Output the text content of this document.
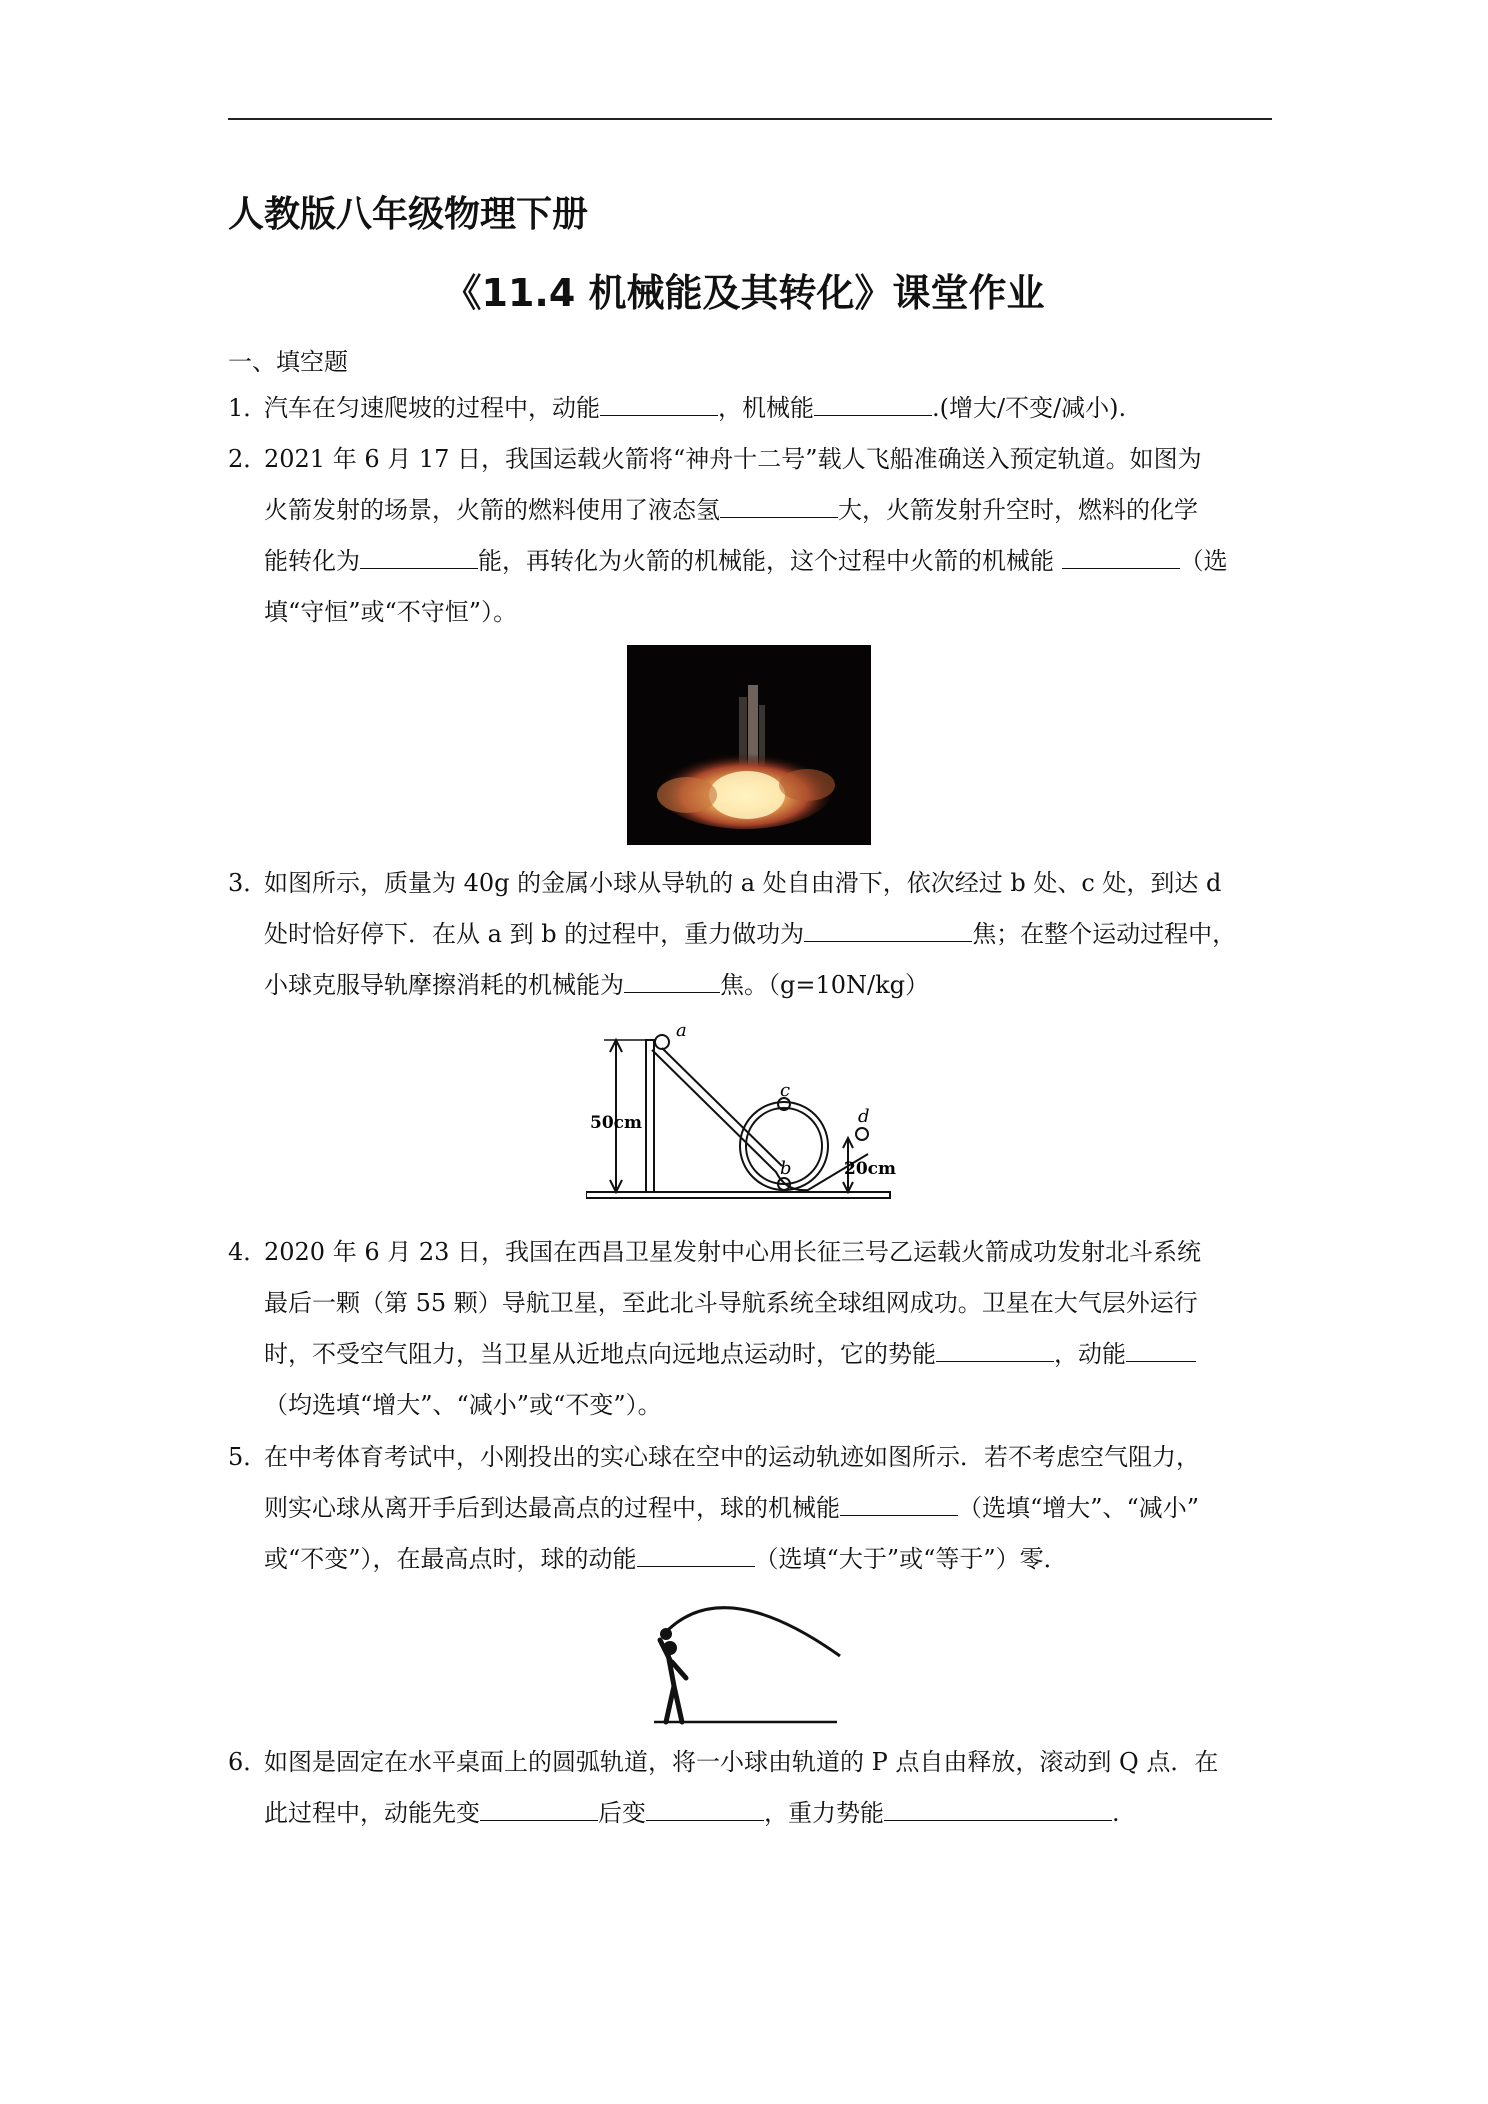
人教版八年级物理下册
《11.4 机械能及其转化》课堂作业
一、填空题
1．
汽车在匀速爬坡的过程中，动能	，机械能	.(增大/不变/减小).
2．
2021 年 6 月 17 日，我国运载火箭将“神舟十二号”载人飞船准确送入预定轨道。如图为
火箭发射的场景，火箭的燃料使用了液态氢	大，火箭发射升空时，燃料的化学
能转化为	能，再转化为火箭的机械能，这个过程中火箭的机械能	（选
填“守恒”或“不守恒”）。
3．
如图所示，质量为 40g 的金属小球从导轨的 a 处自由滑下，依次经过 b 处、c 处，到达 d
处时恰好停下．在从 a 到 b 的过程中，重力做功为	焦；在整个运动过程中，
小球克服导轨摩擦消耗的机械能为	焦。（g=10N/kg）
a
c
b
d
50cm
20cm
4．
2020 年 6 月 23 日，我国在西昌卫星发射中心用长征三号乙运载火箭成功发射北斗系统
最后一颗（第 55 颗）导航卫星，至此北斗导航系统全球组网成功。卫星在大气层外运行
时，不受空气阻力，当卫星从近地点向远地点运动时，它的势能	，动能
（均选填“增大”、“减小”或“不变”）。
5．
在中考体育考试中，小刚投出的实心球在空中的运动轨迹如图所示．若不考虑空气阻力，
则实心球从离开手后到达最高点的过程中，球的机械能	（选填“增大”、“减小”
或“不变”），在最高点时，球的动能	（选填“大于”或“等于”）零．
6．
如图是固定在水平桌面上的圆弧轨道，将一小球由轨道的 P 点自由释放，滚动到 Q 点．在
此过程中，动能先变	后变	，重力势能	.
